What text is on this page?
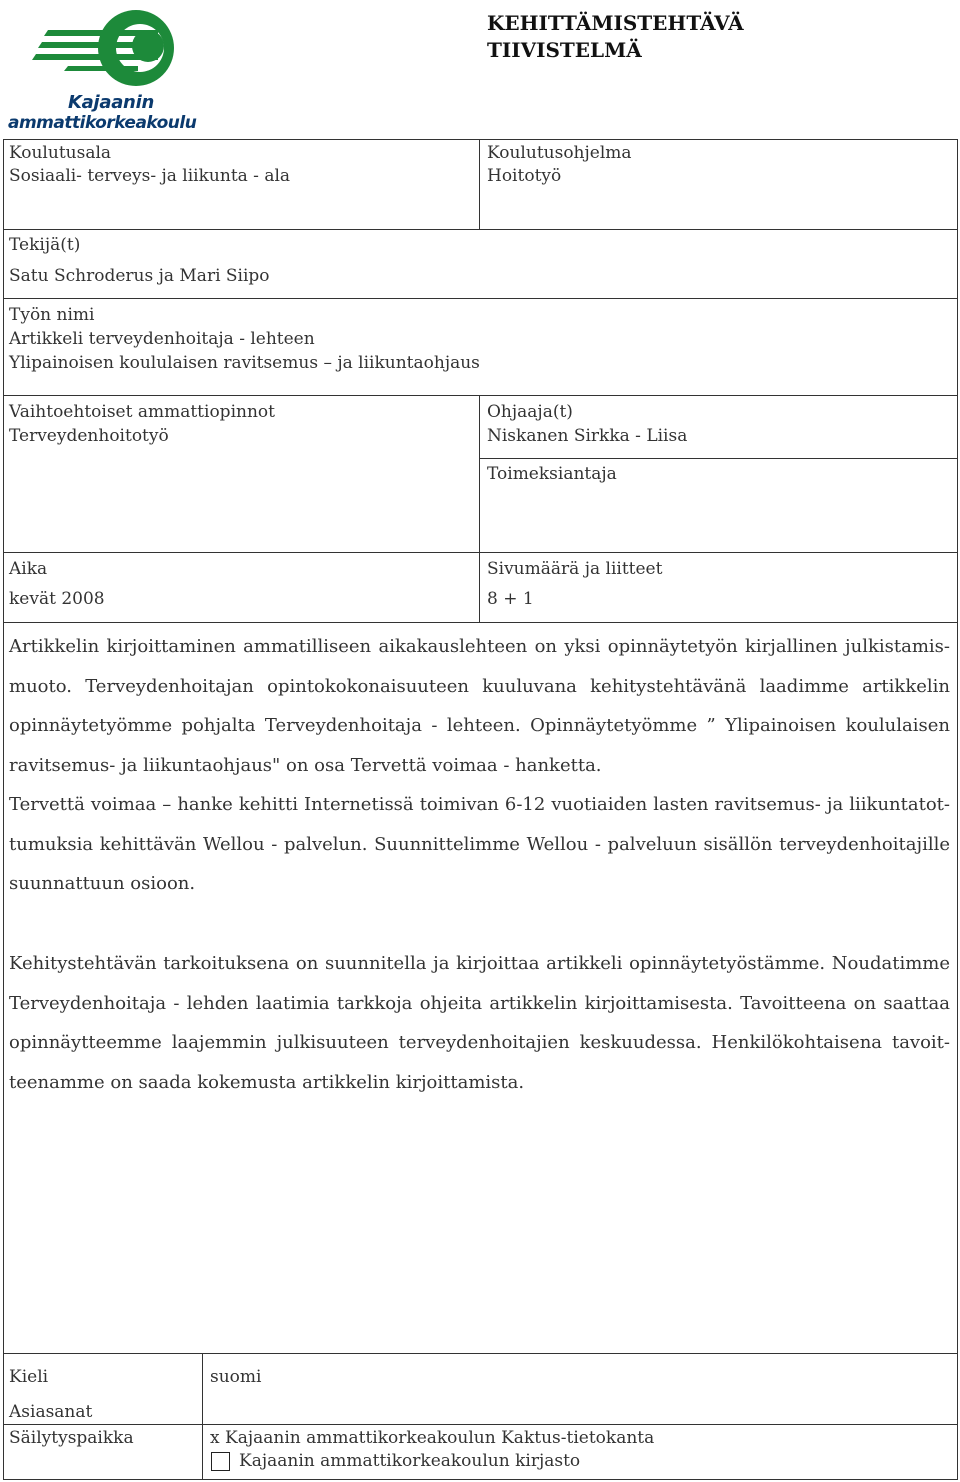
Kajaanin
ammattikorkeakoulu
KEHITTÄMISTEHTÄVÄ
TIIVISTELMÄ
Koulutusala
Sosiaali- terveys- ja liikunta - ala
Koulutusohjelma
Hoitotyö
Tekijä(t)
Satu Schroderus ja Mari Siipo
Työn nimi
Artikkeli terveydenhoitaja - lehteen
Ylipainoisen koululaisen ravitsemus – ja liikuntaohjaus
Vaihtoehtoiset ammattiopinnot
Terveydenhoitotyö
Ohjaaja(t)
Niskanen Sirkka - Liisa
Toimeksiantaja
Aika
kevät 2008
Sivumäärä ja liitteet
8 + 1
Artikkelin kirjoittaminen ammatilliseen aikakauslehteen on yksi opinnäytetyön kirjallinen julkistamis-muoto. Terveydenhoitajan opintokokonaisuuteen kuuluvana kehitystehtävänä laadimme artikkelin opinnäytetyömme pohjalta Terveydenhoitaja - lehteen. Opinnäytetyömme ” Ylipainoisen koululaisen ravitsemus- ja liikuntaohjaus" on osa Tervettä voimaa - hanketta.
Tervettä voimaa – hanke kehitti Internetissä toimivan 6-12 vuotiaiden lasten ravitsemus- ja liikuntatot-tumuksia kehittävän Wellou - palvelun. Suunnittelimme Wellou - palveluun sisällön terveydenhoitajille suunnattuun osioon.
Kehitystehtävän tarkoituksena on suunnitella ja kirjoittaa artikkeli opinnäytetyöstämme. Noudatimme Terveydenhoitaja - lehden laatimia tarkkoja ohjeita artikkelin kirjoittamisesta. Tavoitteena on saattaa opinnäytteemme laajemmin julkisuuteen terveydenhoitajien keskuudessa. Henkilökohtaisena tavoit-teenamme on saada kokemusta artikkelin kirjoittamista.
Kieli	suomi
Asiasanat
Säilytyspaikka	x Kajaanin ammattikorkeakoulun Kaktus-tietokanta
Kajaanin ammattikorkeakoulun kirjasto
